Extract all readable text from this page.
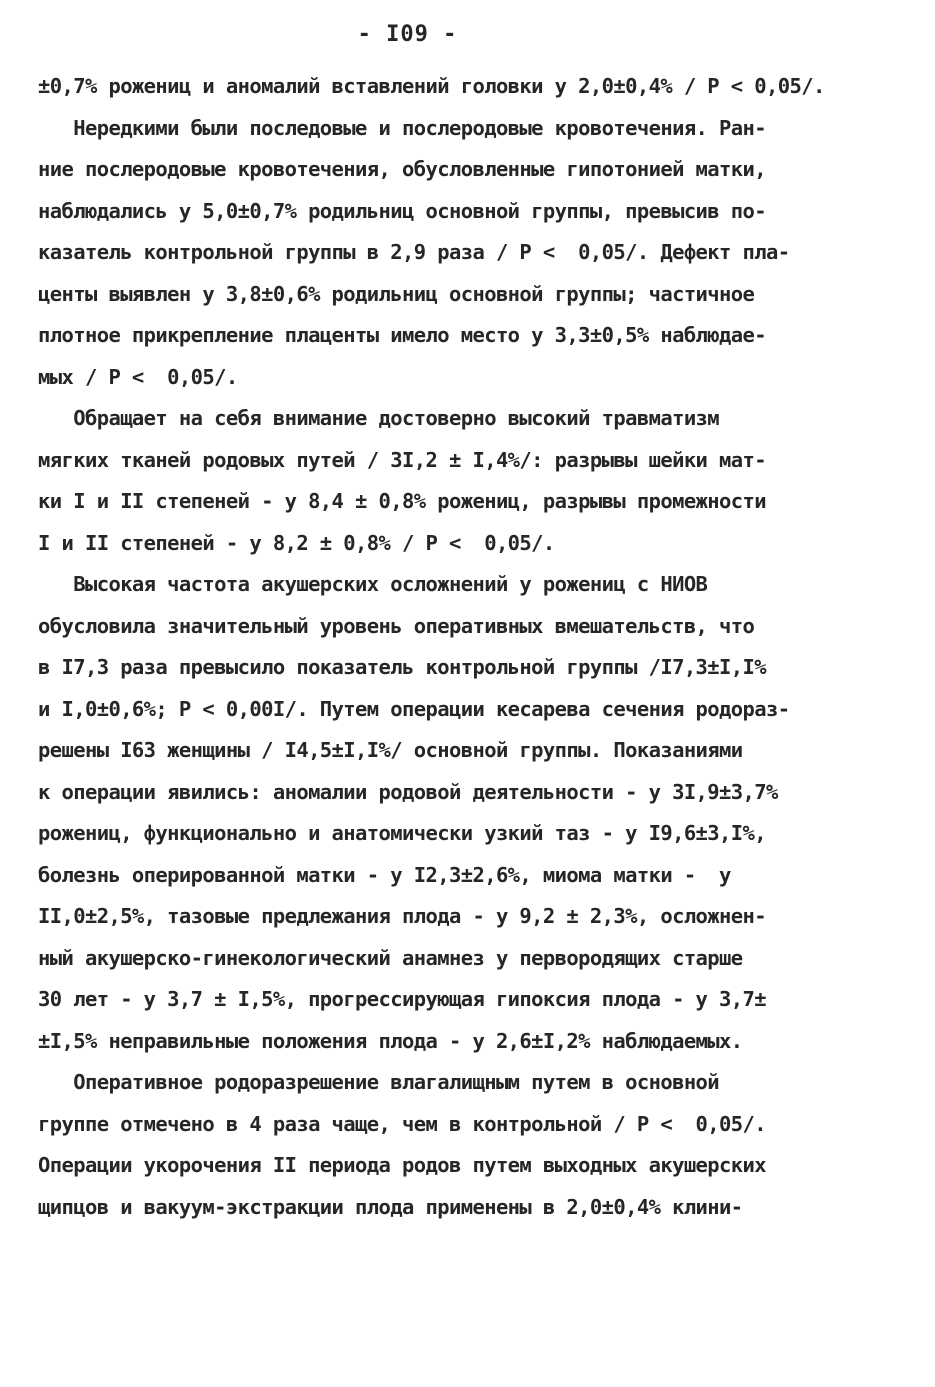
- I09 -
±0,7% рожениц и аномалий вставлений головки у 2,0±0,4% / Р < 0,05/.
Нередкими были последовые и послеродовые кровотечения. Ран-
ние послеродовые кровотечения, обусловленные гипотонией матки,
наблюдались у 5,0±0,7% родильниц основной группы, превысив по-
казатель контрольной группы в 2,9 раза / Р <  0,05/. Дефект пла-
центы выявлен у 3,8±0,6% родильниц основной группы; частичное
плотное прикрепление плаценты имело место у 3,3±0,5% наблюдае-
мых / Р <  0,05/.
Обращает на себя внимание достоверно высокий травматизм
мягких тканей родовых путей / 3I,2 ± I,4%/: разрывы шейки мат-
ки I и II степеней - у 8,4 ± 0,8% рожениц, разрывы промежности
I и II степеней - у 8,2 ± 0,8% / Р <  0,05/.
Высокая частота акушерских осложнений у рожениц с НИОВ
обусловила значительный уровень оперативных вмешательств, что
в I7,3 раза превысило показатель контрольной группы /I7,3±I,I%
и I,0±0,6%; Р < 0,00I/. Путем операции кесарева сечения родораз-
решены I63 женщины / I4,5±I,I%/ основной группы. Показаниями
к операции явились: аномалии родовой деятельности - у 3I,9±3,7%
рожениц, функционально и анатомически узкий таз - у I9,6±3,I%,
болезнь оперированной матки - у I2,3±2,6%, миома матки -  у
II,0±2,5%, тазовые предлежания плода - у 9,2 ± 2,3%, осложнен-
ный акушерско-гинекологический анамнез у первородящих старше
30 лет - у 3,7 ± I,5%, прогрессирующая гипоксия плода - у 3,7±
±I,5% неправильные положения плода - у 2,6±I,2% наблюдаемых.
Оперативное родоразрешение влагалищным путем в основной
группе отмечено в 4 раза чаще, чем в контрольной / Р <  0,05/.
Операции укорочения II периода родов путем выходных акушерских
щипцов и вакуум-экстракции плода применены в 2,0±0,4% клини-
